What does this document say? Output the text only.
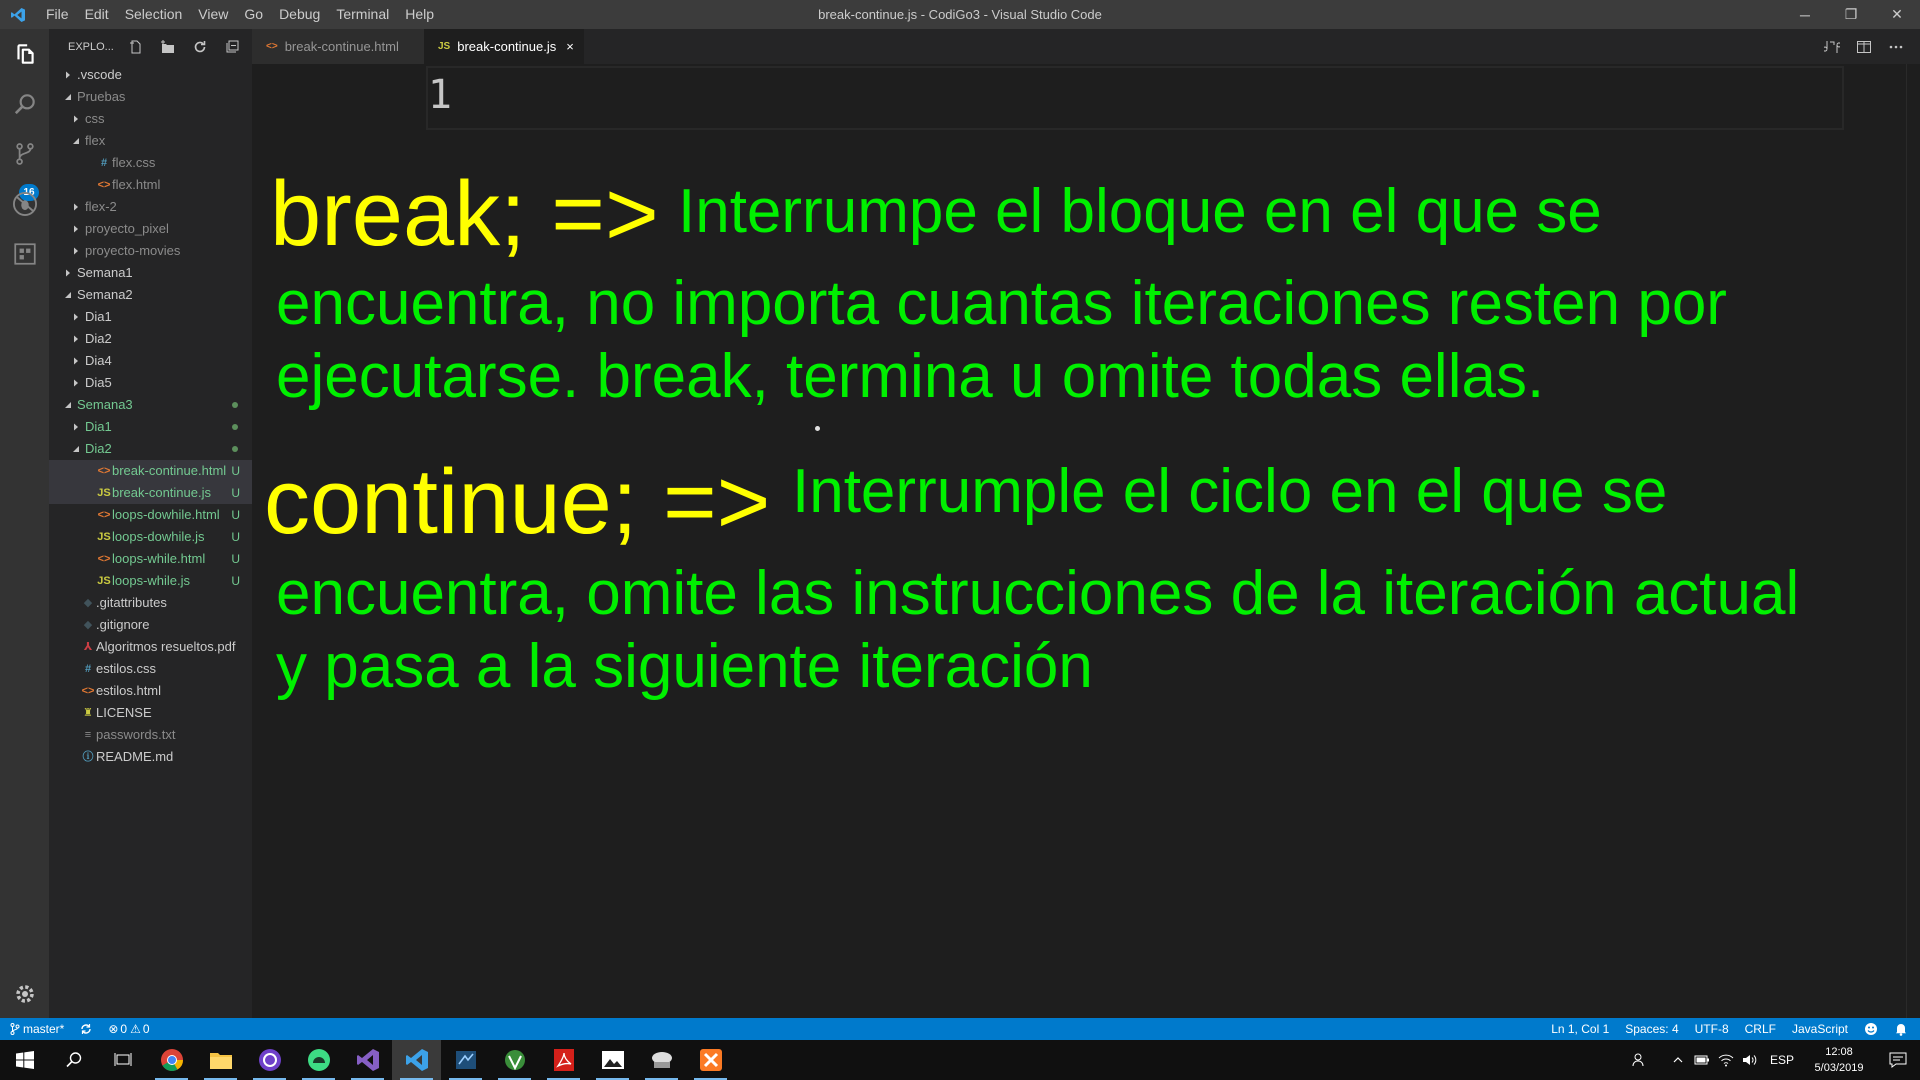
File	Edit	Selection	View	Go	Debug	Terminal	Help	break-continue.js - CodiGo3 - Visual Studio Code	─	❐	✕
16
EXPLO...
.vscode
Pruebas
css
flex
# flex.css
<> flex.html
flex-2
proyecto_pixel
proyecto-movies
Semana1
Semana2
Dia1
Dia2
Dia4
Dia5
Semana3
Dia1
Dia2
<> break-continue.html U
JS break-continue.js U
<> loops-dowhile.html U
JS loops-dowhile.js U
<> loops-while.html U
JS loops-while.js	U
◆ .gitattributes
◆ .gitignore
⅄ Algoritmos resueltos.pdf
# estilos.css
<> estilos.html
♜ LICENSE
≡ passwords.txt
ⓘ README.md
<> break-continue.html	JS break-continue.js ×
1
break; => Interrumpe el bloque en el que se
encuentra, no importa cuantas iteraciones resten por
ejecutarse. break, termina u omite todas ellas.
continue; => Interrumple el ciclo en el que se
encuentra, omite las instrucciones de la iteración actual
y pasa a la siguiente iteración
master*	⊗ 0 ⚠ 0	Ln 1, Col 1	Spaces: 4	UTF-8	CRLF	JavaScript
ESP
12:08
5/03/2019
